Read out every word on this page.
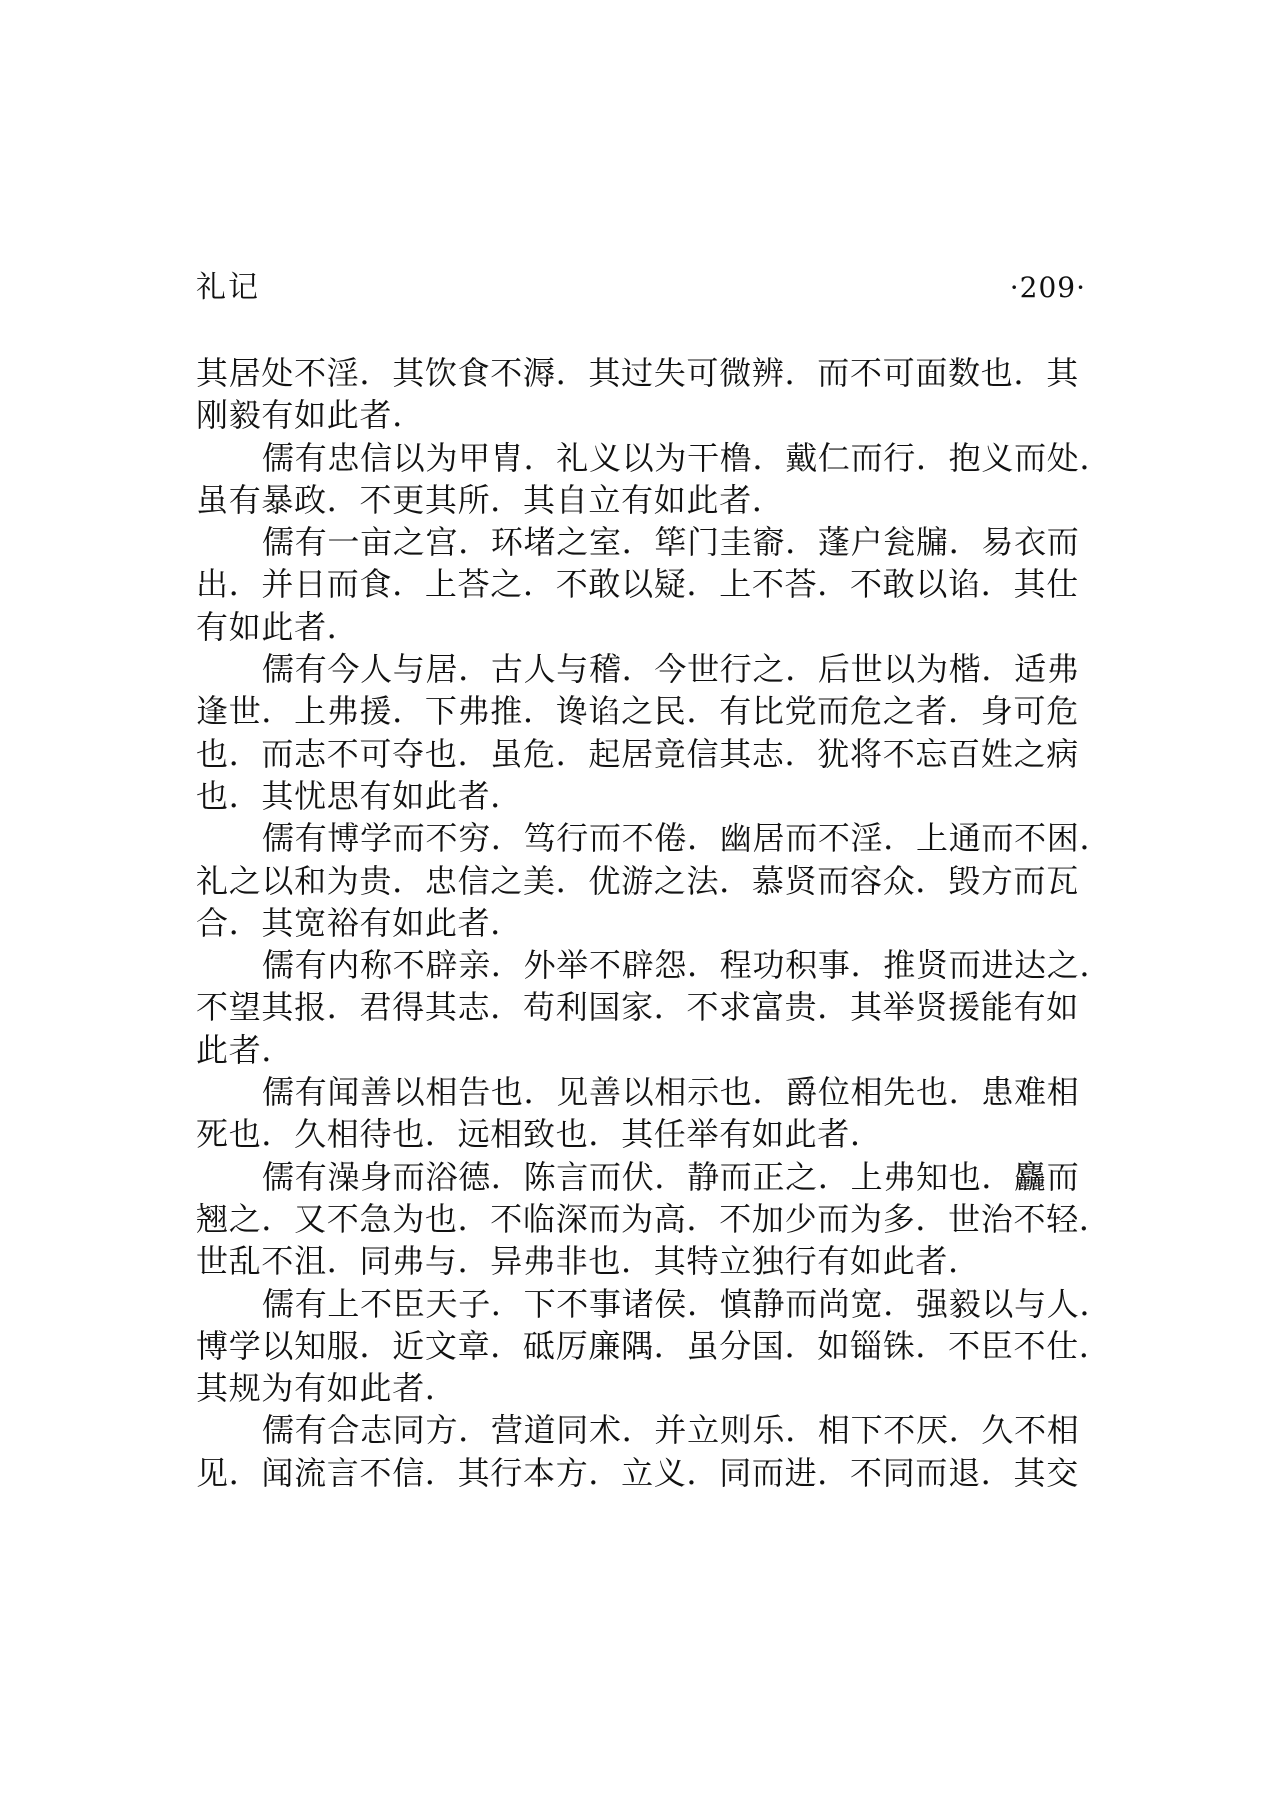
礼记	·209·
其居处不淫．其饮食不溽．其过失可微辨．而不可面数也．其
刚毅有如此者．
儒有忠信以为甲胄．礼义以为干橹．戴仁而行．抱义而处．
虽有暴政．不更其所．其自立有如此者．
儒有一亩之宫．环堵之室．筚门圭窬．蓬户瓮牖．易衣而
出．并日而食．上荅之．不敢以疑．上不荅．不敢以谄．其仕
有如此者．
儒有今人与居．古人与稽．今世行之．后世以为楷．适弗
逢世．上弗援．下弗推．谗谄之民．有比党而危之者．身可危
也．而志不可夺也．虽危．起居竟信其志．犹将不忘百姓之病
也．其忧思有如此者．
儒有博学而不穷．笃行而不倦．幽居而不淫．上通而不困．
礼之以和为贵．忠信之美．优游之法．慕贤而容众．毁方而瓦
合．其宽裕有如此者．
儒有内称不辟亲．外举不辟怨．程功积事．推贤而进达之．
不望其报．君得其志．苟利国家．不求富贵．其举贤援能有如
此者．
儒有闻善以相告也．见善以相示也．爵位相先也．患难相
死也．久相待也．远相致也．其任举有如此者．
儒有澡身而浴德．陈言而伏．静而正之．上弗知也．麤而
翘之．又不急为也．不临深而为高．不加少而为多．世治不轻．
世乱不沮．同弗与．异弗非也．其特立独行有如此者．
儒有上不臣天子．下不事诸侯．慎静而尚宽．强毅以与人．
博学以知服．近文章．砥厉廉隅．虽分国．如锱铢．不臣不仕．
其规为有如此者．
儒有合志同方．营道同术．并立则乐．相下不厌．久不相
见．闻流言不信．其行本方．立义．同而进．不同而退．其交
